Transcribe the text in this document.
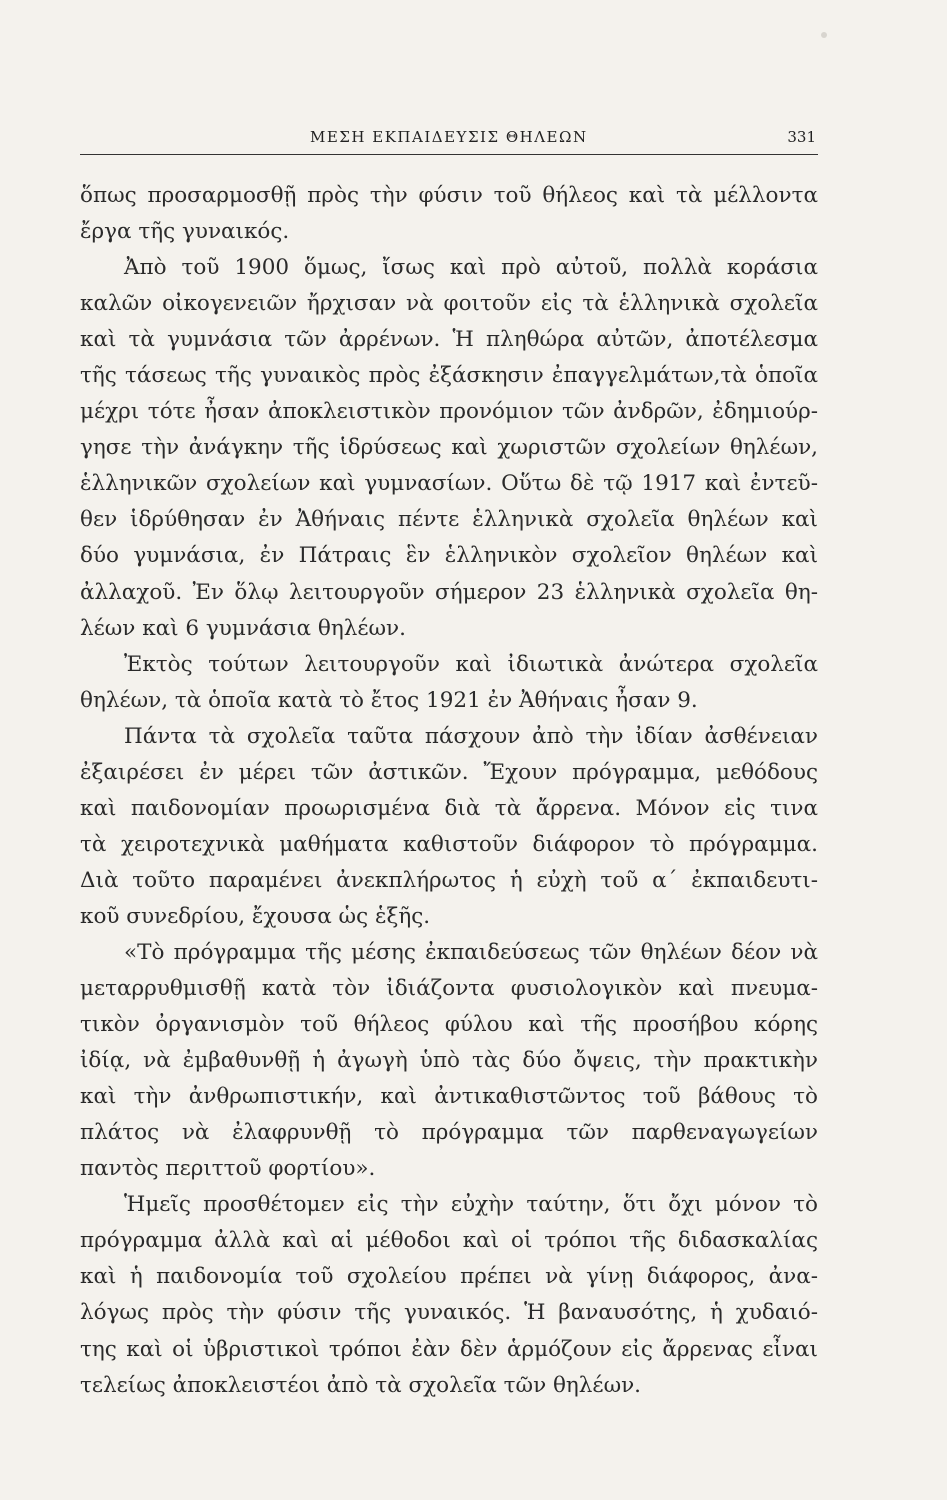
ΜΕΣΗ ΕΚΠΑΙΔΕΥΣΙΣ ΘΗΛΕΩΝ	331
ὅπως προσαρμοσθῇ πρὸς τὴν φύσιν τοῦ θήλεος καὶ τὰ μέλλοντα
ἔργα τῆς γυναικός.
Ἀπὸ τοῦ 1900 ὅμως, ἴσως καὶ πρὸ αὐτοῦ, πολλὰ κοράσια
καλῶν οἰκογενειῶν ἤρχισαν νὰ φοιτοῦν εἰς τὰ ἑλληνικὰ σχολεῖα
καὶ τὰ γυμνάσια τῶν ἀρρένων. Ἡ πληθώρα αὐτῶν, ἀποτέλεσμα
τῆς τάσεως τῆς γυναικὸς πρὸς ἐξάσκησιν ἐπαγγελμάτων,τὰ ὁποῖα
μέχρι τότε ἦσαν ἀποκλειστικὸν προνόμιον τῶν ἀνδρῶν, ἐδημιούρ-
γησε τὴν ἀνάγκην τῆς ἱδρύσεως καὶ χωριστῶν σχολείων θηλέων,
ἑλληνικῶν σχολείων καὶ γυμνασίων. Οὕτω δὲ τῷ 1917 καὶ ἐντεῦ-
θεν ἱδρύθησαν ἐν Ἀθήναις πέντε ἑλληνικὰ σχολεῖα θηλέων καὶ
δύο γυμνάσια, ἐν Πάτραις ἓν ἑλληνικὸν σχολεῖον θηλέων καὶ
ἀλλαχοῦ. Ἐν ὅλῳ λειτουργοῦν σήμερον 23 ἑλληνικὰ σχολεῖα θη-
λέων καὶ 6 γυμνάσια θηλέων.
Ἐκτὸς τούτων λειτουργοῦν καὶ ἰδιωτικὰ ἀνώτερα σχολεῖα
θηλέων, τὰ ὁποῖα κατὰ τὸ ἔτος 1921 ἐν Ἀθήναις ἦσαν 9.
Πάντα τὰ σχολεῖα ταῦτα πάσχουν ἀπὸ τὴν ἰδίαν ἀσθένειαν
ἐξαιρέσει ἐν μέρει τῶν ἀστικῶν. Ἔχουν πρόγραμμα, μεθόδους
καὶ παιδονομίαν προωρισμένα διὰ τὰ ἄρρενα. Μόνον εἰς τινα
τὰ χειροτεχνικὰ μαθήματα καθιστοῦν διάφορον τὸ πρόγραμμα.
Διὰ τοῦτο παραμένει ἀνεκπλήρωτος ἡ εὐχὴ τοῦ α΄ ἐκπαιδευτι-
κοῦ συνεδρίου, ἔχουσα ὡς ἑξῆς.
«Τὸ πρόγραμμα τῆς μέσης ἐκπαιδεύσεως τῶν θηλέων δέον νὰ
μεταρρυθμισθῇ κατὰ τὸν ἰδιάζοντα φυσιολογικὸν καὶ πνευμα-
τικὸν ὀργανισμὸν τοῦ θήλεος φύλου καὶ τῆς προσήβου κόρης
ἰδίᾳ, νὰ ἐμβαθυνθῇ ἡ ἀγωγὴ ὑπὸ τὰς δύο ὄψεις, τὴν πρακτικὴν
καὶ τὴν ἀνθρωπιστικήν, καὶ ἀντικαθιστῶντος τοῦ βάθους τὸ
πλάτος νὰ ἐλαφρυνθῇ τὸ πρόγραμμα τῶν παρθεναγωγείων
παντὸς περιττοῦ φορτίου».
Ἡμεῖς προσθέτομεν εἰς τὴν εὐχὴν ταύτην, ὅτι ὄχι μόνον τὸ
πρόγραμμα ἀλλὰ καὶ αἱ μέθοδοι καὶ οἱ τρόποι τῆς διδασκαλίας
καὶ ἡ παιδονομία τοῦ σχολείου πρέπει νὰ γίνῃ διάφορος, ἀνα-
λόγως πρὸς τὴν φύσιν τῆς γυναικός. Ἡ βαναυσότης, ἡ χυδαιό-
της καὶ οἱ ὑβριστικοὶ τρόποι ἐὰν δὲν ἁρμόζουν εἰς ἄρρενας εἶναι
τελείως ἀποκλειστέοι ἀπὸ τὰ σχολεῖα τῶν θηλέων.
